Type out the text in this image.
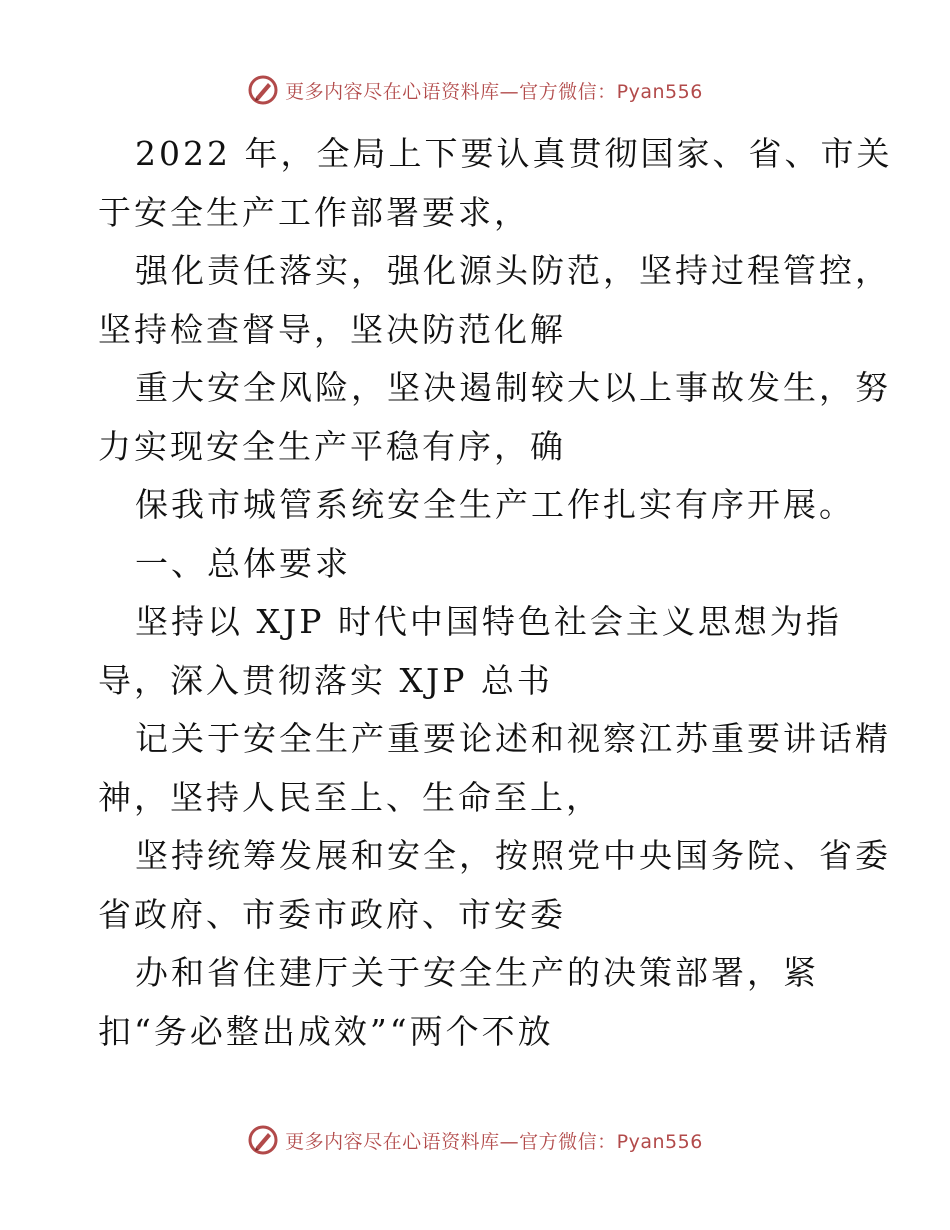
更多内容尽在心语资料库—官方微信：Pyan556
2022 年，全局上下要认真贯彻国家、省、市关
于安全生产工作部署要求，
强化责任落实，强化源头防范，坚持过程管控，
坚持检查督导，坚决防范化解
重大安全风险，坚决遏制较大以上事故发生，努
力实现安全生产平稳有序，确
保我市城管系统安全生产工作扎实有序开展。
一、总体要求
坚持以 XJP 时代中国特色社会主义思想为指
导，深入贯彻落实 XJP 总书
记关于安全生产重要论述和视察江苏重要讲话精
神，坚持人民至上、生命至上，
坚持统筹发展和安全，按照党中央国务院、省委
省政府、市委市政府、市安委
办和省住建厅关于安全生产的决策部署，紧
扣“务必整出成效”“两个不放
更多内容尽在心语资料库—官方微信：Pyan556
